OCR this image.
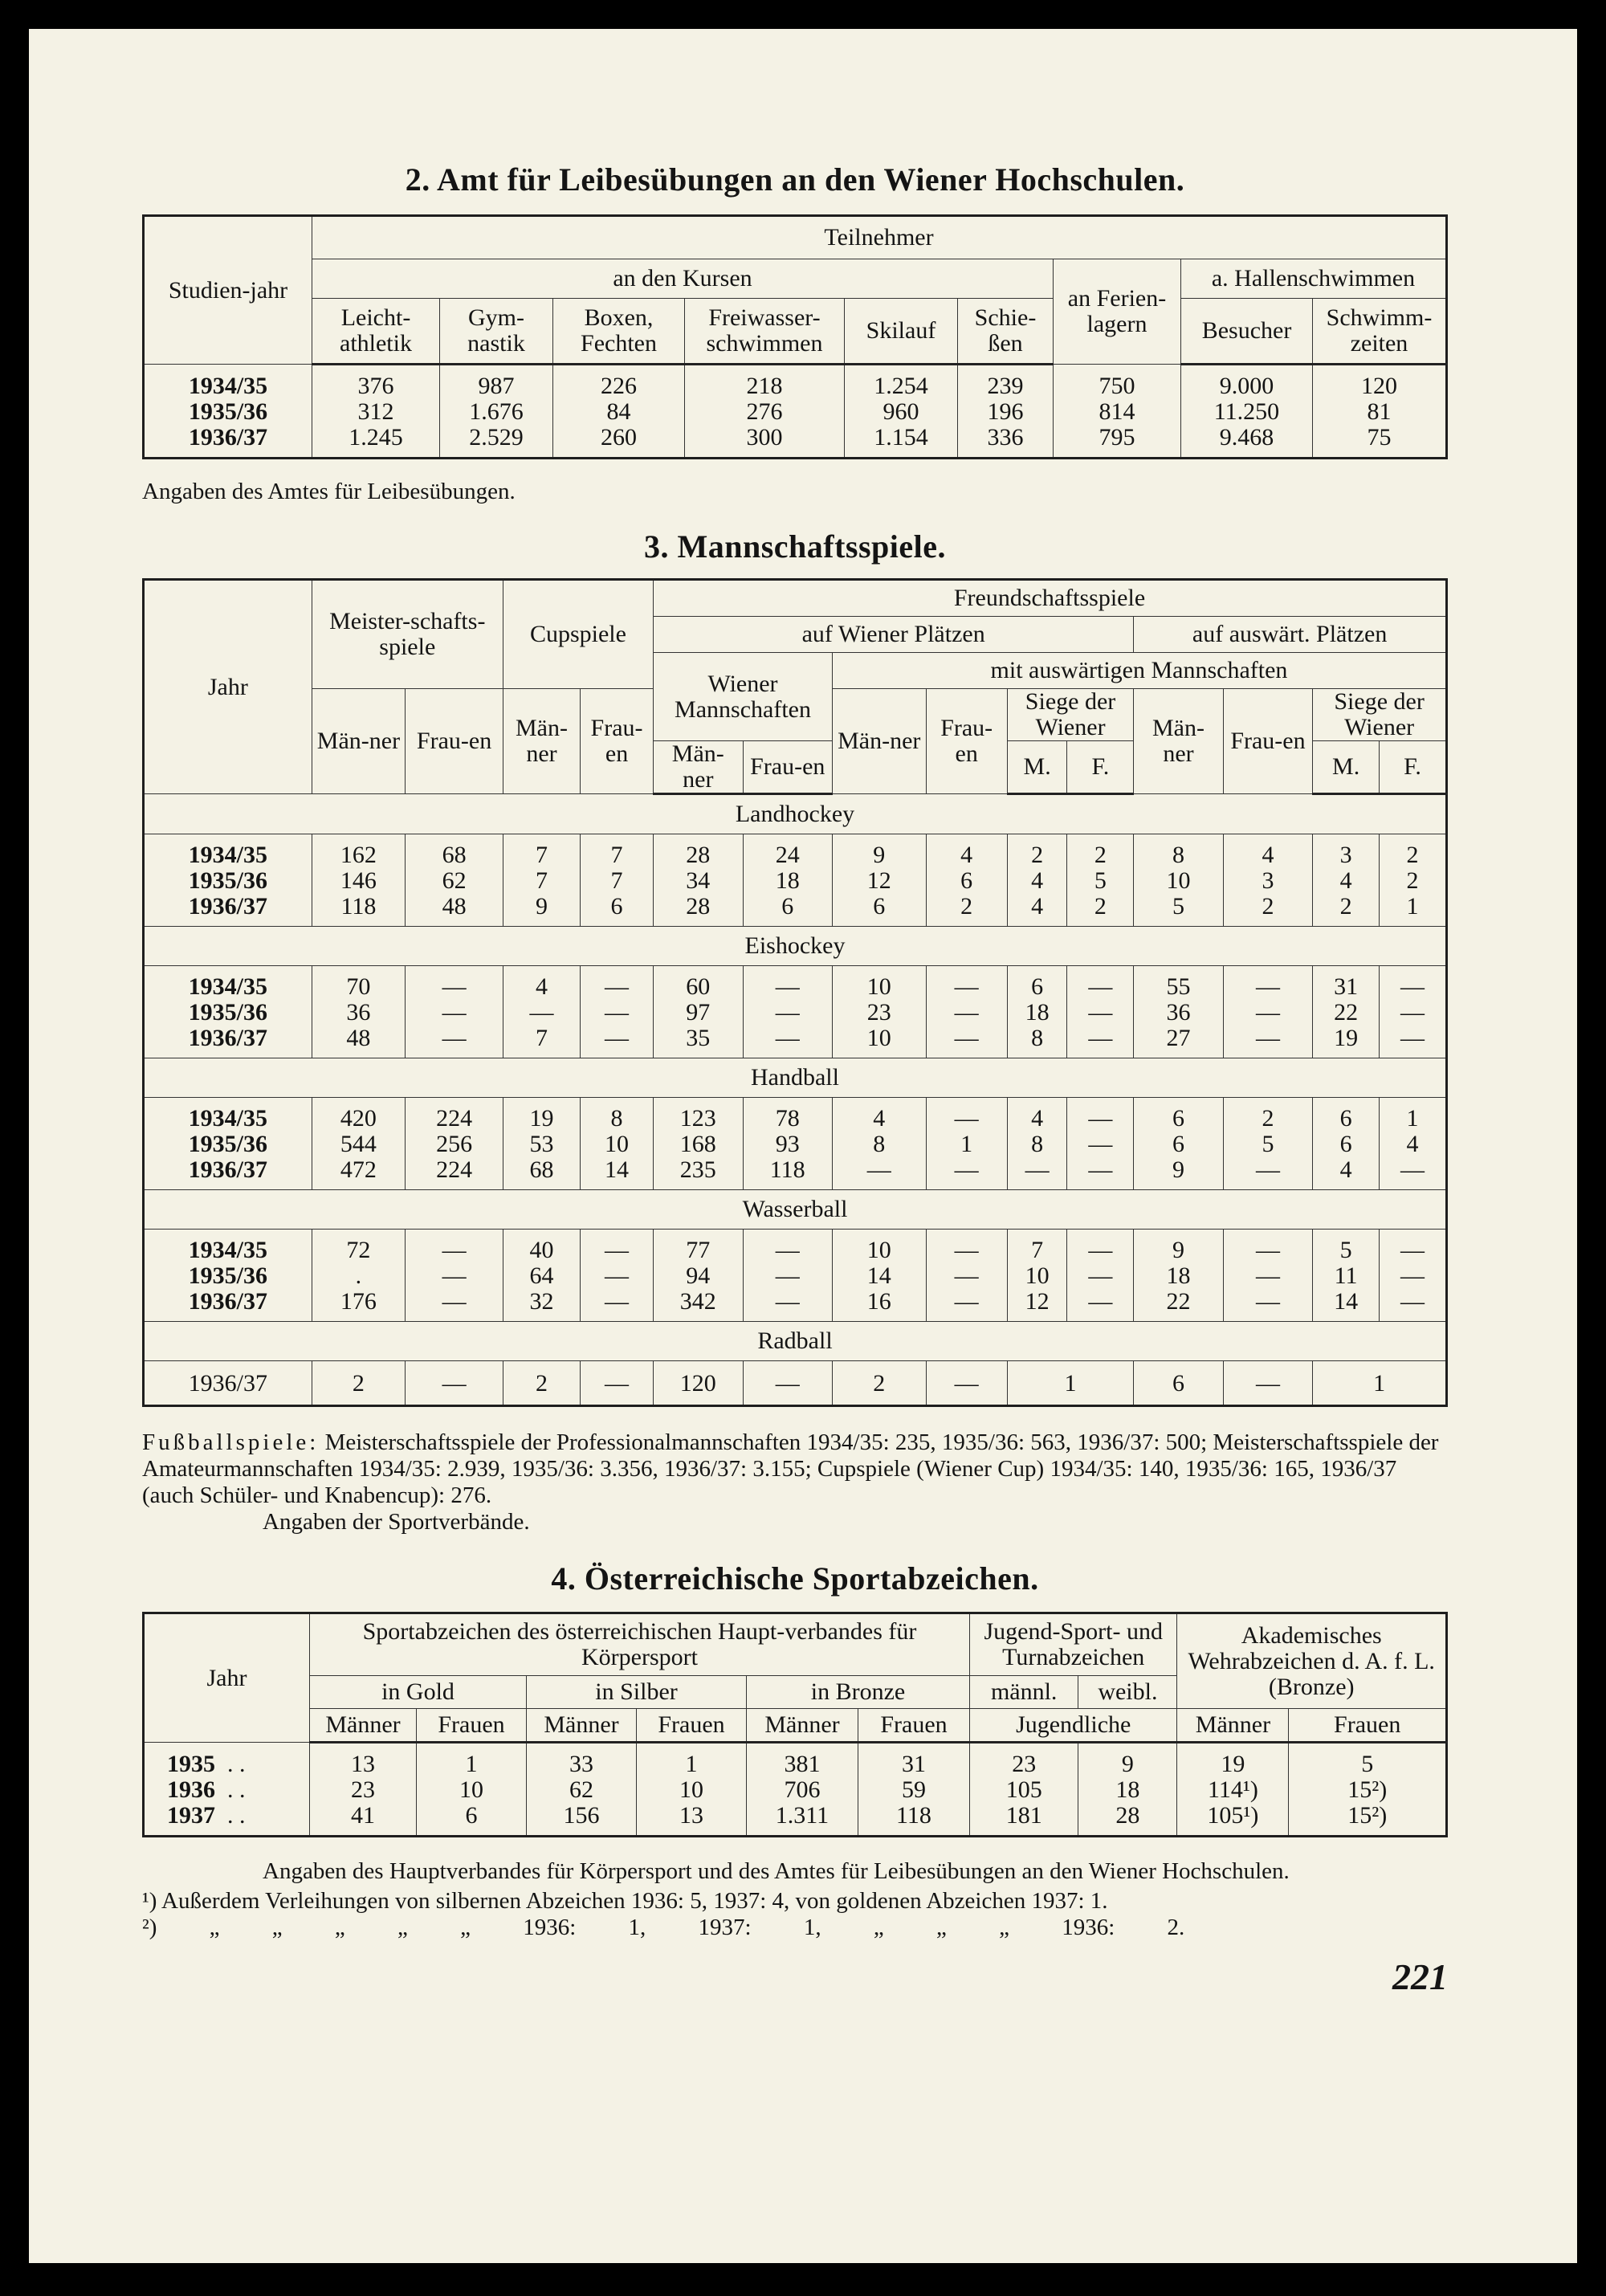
2. Amt für Leibesübungen an den Wiener Hochschulen.
Studien-jahr	Teilnehmer								
	an den Kursen						an Ferien-lagern	a. Hallenschwimmen	
	Leicht-athletik	Gym-nastik	Boxen, Fechten	Freiwasser-schwimmen	Skilauf	Schie-ßen		Besucher	Schwimm-zeiten
1934/35	376	987	226	218	1.254	239	750	9.000	120
1935/36	312	1.676	84	276	960	196	814	11.250	81
1936/37	1.245	2.529	260	300	1.154	336	795	9.468	75

Angaben des Amtes für Leibesübungen.

3. Mannschaftsspiele.
Jahr	Meister-schafts-spiele		Cupspiele		Freundschaftsspiele									
					auf Wiener Plätzen						auf auswärt. Plätzen			
					Wiener Mannschaften		mit auswärtigen Mannschaften							
	Män-ner	Frau-en	Män-ner	Frau-en			Män-ner	Frau-en	Siege der Wiener		Män-ner	Frau-en	Siege der Wiener	
					Män-ner	Frau-en			M.	F.			M.	F.
Landhockey														
1934/35	162	68	7	7	28	24	9	4	2	2	8	4	3	2
1935/36	146	62	7	7	34	18	12	6	4	5	10	3	4	2
1936/37	118	48	9	6	28	6	6	2	4	2	5	2	2	1
Eishockey														
1934/35	70	—	4	—	60	—	10	—	6	—	55	—	31	—
1935/36	36	—	—	—	97	—	23	—	18	—	36	—	22	—
1936/37	48	—	7	—	35	—	10	—	8	—	27	—	19	—
Handball														
1934/35	420	224	19	8	123	78	4	—	4	—	6	2	6	1
1935/36	544	256	53	10	168	93	8	1	8	—	6	5	6	4
1936/37	472	224	68	14	235	118	—	—	—	—	9	—	4	—
Wasserball														
1934/35	72	—	40	—	77	—	10	—	7	—	9	—	5	—
1935/36	.	—	64	—	94	—	14	—	10	—	18	—	11	—
1936/37	176	—	32	—	342	—	16	—	12	—	22	—	14	—
Radball														
1936/37	2	—	2	—	120	—	2	—	1		6	—	1	

Fußballspiele: Meisterschaftsspiele der Professionalmannschaften 1934/35: 235, 1935/36: 563, 1936/37: 500; Meisterschaftsspiele der Amateurmannschaften 1934/35: 2.939, 1935/36: 3.356, 1936/37: 3.155; Cupspiele (Wiener Cup) 1934/35: 140, 1935/36: 165, 1936/37 (auch Schüler- und Knabencup): 276.

Angaben der Sportverbände.

4. Österreichische Sportabzeichen.
Jahr	Sportabzeichen des österreichischen Haupt-verbandes für Körpersport						Jugend-Sport- und Turnabzeichen		Akademisches Wehrabzeichen d. A. f. L. (Bronze)	
	in Gold		in Silber		in Bronze		männl.	weibl.		
	Männer	Frauen	Männer	Frauen	Männer	Frauen	Jugendliche		Männer	Frauen
1935  . .	13	1	33	1	381	31	23	9	19	5
1936  . .	23	10	62	10	706	59	105	18	114¹)	15²)
1937  . .	41	6	156	13	1.311	118	181	28	105¹)	15²)

Angaben des Hauptverbandes für Körpersport und des Amtes für Leibesübungen an den Wiener Hochschulen.

¹) Außerdem Verleihungen von silbernen Abzeichen 1936: 5, 1937: 4, von goldenen Abzeichen 1937: 1.

²) „ „ „ „ „ 1936: 1, 1937: 1, „ „ „ 1936: 2.

221
